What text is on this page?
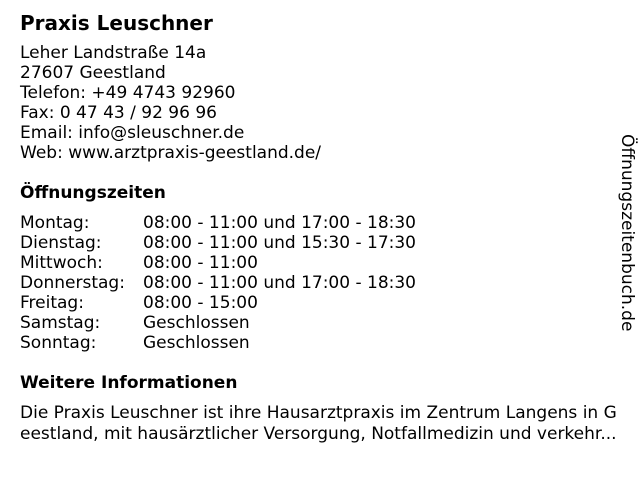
Praxis Leuschner
Leher Landstraße 14a
27607 Geestland
Telefon: +49 4743 92960
Fax: 0 47 43 / 92 96 96
Email: info@sleuschner.de
Web: www.arztpraxis-geestland.de/
Öffnungszeiten
Montag:	08:00 - 11:00 und 17:00 - 18:30
Dienstag: 08:00 - 11:00 und 15:30 - 17:30
Mittwoch: 08:00 - 11:00
Donnerstag: 08:00 - 11:00 und 17:00 - 18:30
Freitag:	08:00 - 15:00
Samstag:	Geschlossen
Sonntag:	Geschlossen
Weitere Informationen
Die Praxis Leuschner ist ihre Hausarztpraxis im Zentrum Langens in G
eestland, mit hausärztlicher Versorgung, Notfallmedizin und verkehr...
Öffnungszeitenbuch.de
